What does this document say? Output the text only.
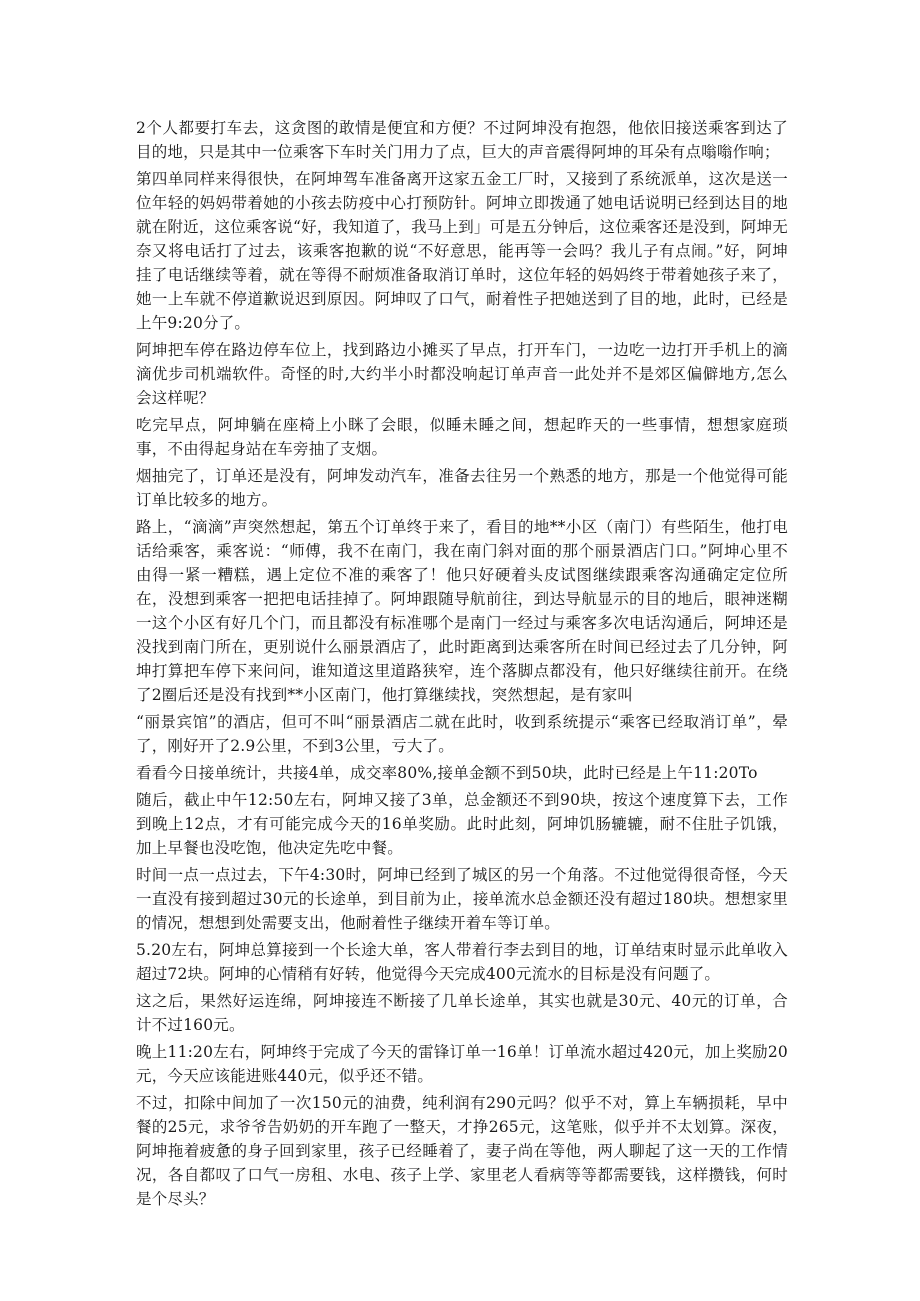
2个人都要打车去，这贪图的敢情是便宜和方便？不过阿坤没有抱怨，他依旧接送乘客到达了目的地，只是其中一位乘客下车时关门用力了点，巨大的声音震得阿坤的耳朵有点嗡嗡作响；

第四单同样来得很快，在阿坤驾车准备离开这家五金工厂时，又接到了系统派单，这次是送一位年轻的妈妈带着她的小孩去防疫中心打预防针。阿坤立即拨通了她电话说明已经到达目的地就在附近，这位乘客说“好，我知道了，我马上到」可是五分钟后，这位乘客还是没到，阿坤无奈又将电话打了过去，该乘客抱歉的说“不好意思，能再等一会吗？我儿子有点闹。”好，阿坤挂了电话继续等着，就在等得不耐烦准备取消订单时，这位年轻的妈妈终于带着她孩子来了，她一上车就不停道歉说迟到原因。阿坤叹了口气，耐着性子把她送到了目的地，此时，已经是上午9:20分了。

阿坤把车停在路边停车位上，找到路边小摊买了早点，打开车门，一边吃一边打开手机上的滴滴优步司机端软件。奇怪的时,大约半小时都没响起订单声音一此处并不是郊区偏僻地方,怎么会这样呢？

吃完早点，阿坤躺在座椅上小眯了会眼，似睡未睡之间，想起昨天的一些事情，想想家庭琐事，不由得起身站在车旁抽了支烟。

烟抽完了，订单还是没有，阿坤发动汽车，准备去往另一个熟悉的地方，那是一个他觉得可能订单比较多的地方。

路上，“滴滴”声突然想起，第五个订单终于来了，看目的地**小区（南门）有些陌生，他打电话给乘客，乘客说：“师傅，我不在南门，我在南门斜对面的那个丽景酒店门口。”阿坤心里不由得一紧一糟糕，遇上定位不准的乘客了！他只好硬着头皮试图继续跟乘客沟通确定定位所在，没想到乘客一把把电话挂掉了。阿坤跟随导航前往，到达导航显示的目的地后，眼神迷糊一这个小区有好几个门，而且都没有标准哪个是南门一经过与乘客多次电话沟通后，阿坤还是没找到南门所在，更别说什么丽景酒店了，此时距离到达乘客所在时间已经过去了几分钟，阿坤打算把车停下来问问，谁知道这里道路狭窄，连个落脚点都没有，他只好继续往前开。在绕了2圈后还是没有找到**小区南门，他打算继续找，突然想起，是有家叫

“丽景宾馆”的酒店，但可不叫“丽景酒店二就在此时，收到系统提示“乘客已经取消订单”，晕了，刚好开了2.9公里，不到3公里，亏大了。

看看今日接单统计，共接4单，成交率80%,接单金额不到50块，此时已经是上午11:20To

随后，截止中午12:50左右，阿坤又接了3单，总金额还不到90块，按这个速度算下去，工作到晚上12点，才有可能完成今天的16单奖励。此时此刻，阿坤饥肠辘辘，耐不住肚子饥饿，加上早餐也没吃饱，他决定先吃中餐。

时间一点一点过去，下午4:30时，阿坤已经到了城区的另一个角落。不过他觉得很奇怪，今天一直没有接到超过30元的长途单，到目前为止，接单流水总金额还没有超过180块。想想家里的情况，想想到处需要支出，他耐着性子继续开着车等订单。

5.20左右，阿坤总算接到一个长途大单，客人带着行李去到目的地，订单结束时显示此单收入超过72块。阿坤的心情稍有好转，他觉得今天完成400元流水的目标是没有问题了。

这之后，果然好运连绵，阿坤接连不断接了几单长途单，其实也就是30元、40元的订单，合计不过160元。

晚上11:20左右，阿坤终于完成了今天的雷锋订单一16单！订单流水超过420元，加上奖励20元，今天应该能进账440元，似乎还不错。

不过，扣除中间加了一次150元的油费，纯利润有290元吗？似乎不对，算上车辆损耗，早中餐的25元，求爷爷告奶奶的开车跑了一整天，才挣265元，这笔账，似乎并不太划算。深夜，阿坤拖着疲惫的身子回到家里，孩子已经睡着了，妻子尚在等他，两人聊起了这一天的工作情况，各自都叹了口气一房租、水电、孩子上学、家里老人看病等等都需要钱，这样攒钱，何时是个尽头？
